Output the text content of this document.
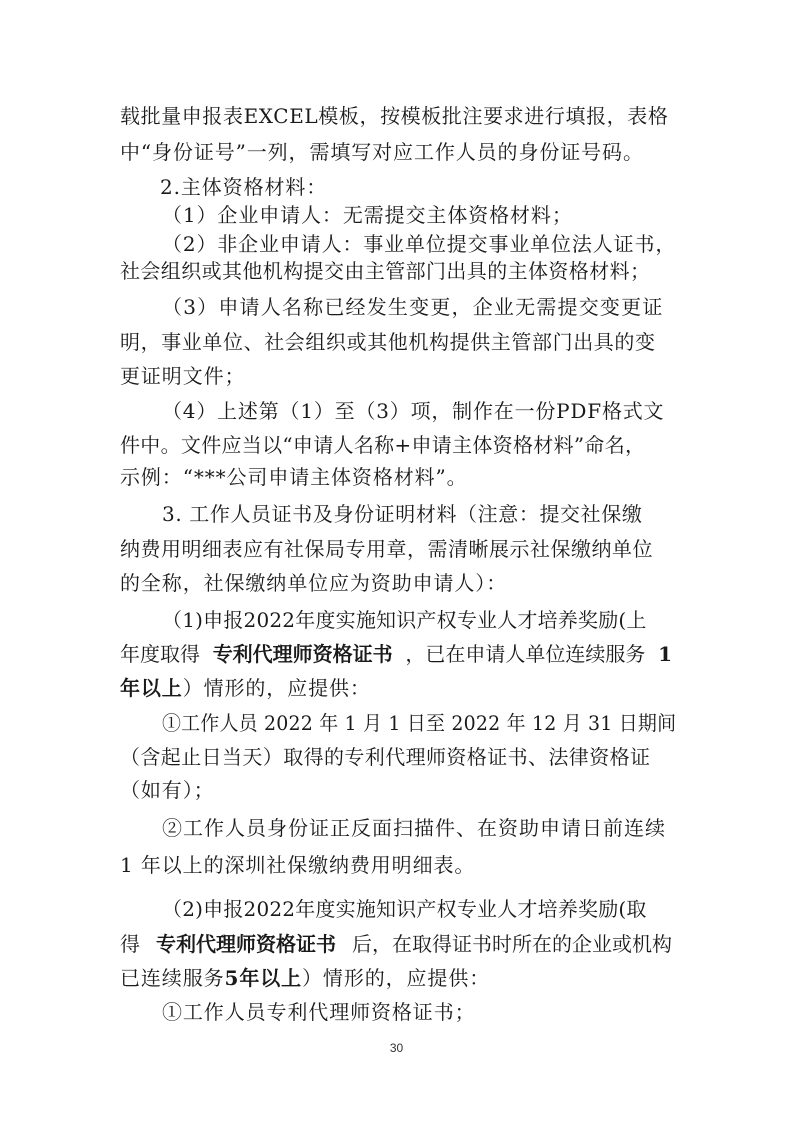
载批量申报表EXCEL模板，按模板批注要求进行填报，表格
中“身份证号”一列，需填写对应工作人员的身份证号码。
2.主体资格材料：
（1）企业申请人：无需提交主体资格材料；
（2）非企业申请人：事业单位提交事业单位法人证书，
社会组织或其他机构提交由主管部门出具的主体资格材料；
（3）申请人名称已经发生变更，企业无需提交变更证
明，事业单位、社会组织或其他机构提供主管部门出具的变
更证明文件；
（4）上述第（1）至（3）项，制作在一份PDF格式文
件中。文件应当以“申请人名称+申请主体资格材料”命名，
示例：“***公司申请主体资格材料”。
3. 工作人员证书及身份证明材料（注意：提交社保缴
纳费用明细表应有社保局专用章，需清晰展示社保缴纳单位
的全称，社保缴纳单位应为资助申请人）：
（1)申报2022年度实施知识产权专业人才培养奖励(上
年度取得 专利代理师资格证书 ，已在申请人单位连续服务 1
年以上）情形的，应提供：
①工作人员 2022 年 1 月 1 日至 2022 年 12 月 31 日期间
（含起止日当天）取得的专利代理师资格证书、法律资格证
（如有）；
②工作人员身份证正反面扫描件、在资助申请日前连续
1 年以上的深圳社保缴纳费用明细表。
（2)申报2022年度实施知识产权专业人才培养奖励(取
得 专利代理师资格证书 后，在取得证书时所在的企业或机构
已连续服务5年以上）情形的，应提供：
①工作人员专利代理师资格证书；
30
